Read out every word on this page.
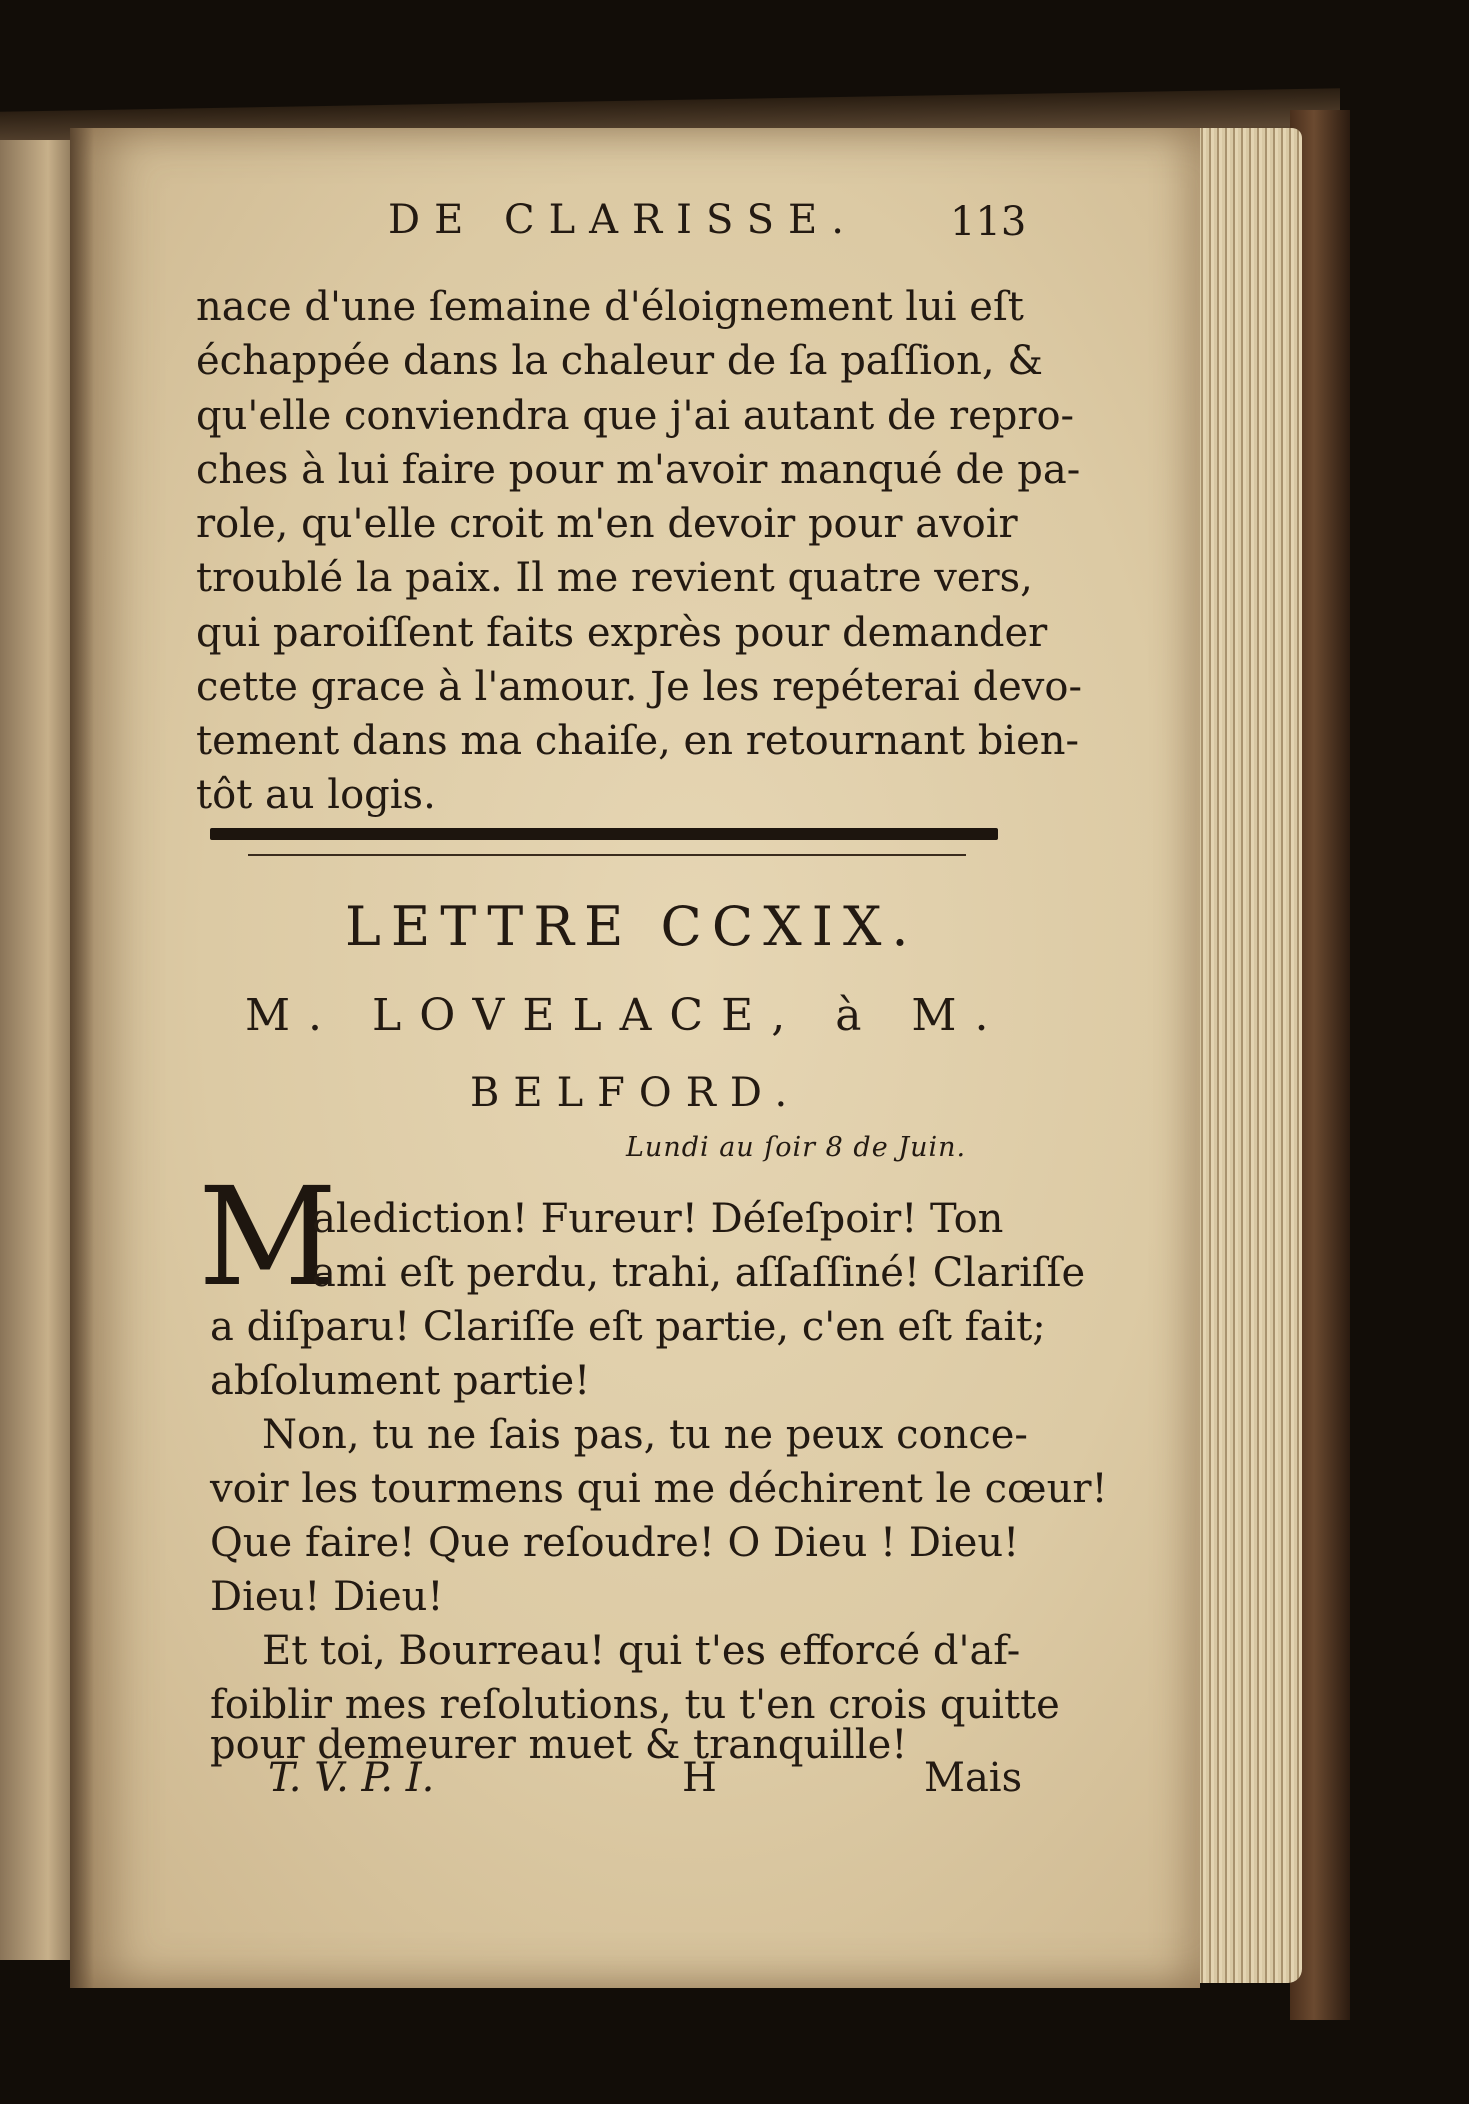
DE CLARISSE. 113
nace d'une ſemaine d'éloignement lui eſt
échappée dans la chaleur de ſa paſſion, &
qu'elle conviendra que j'ai autant de repro-
ches à lui faire pour m'avoir manqué de pa-
role, qu'elle croit m'en devoir pour avoir
troublé la paix. Il me revient quatre vers,
qui paroiſſent faits exprès pour demander
cette grace à l'amour. Je les repéterai devo-
tement dans ma chaiſe, en retournant bien-
tôt au logis.
LETTRE CCXIX.
M. LOVELACE, à M.
BELFORD.
Lundi au ſoir 8 de Juin.
M
alediction! Fureur! Déſeſpoir! Ton
ami eſt perdu, trahi, aſſaſſiné! Clariſſe
a diſparu! Clariſſe eſt partie, c'en eſt fait;
abſolument partie!
Non, tu ne ſais pas, tu ne peux conce-
voir les tourmens qui me déchirent le cœur!
Que faire! Que reſoudre! O Dieu ! Dieu!
Dieu! Dieu!
Et toi, Bourreau! qui t'es efforcé d'af-
foiblir mes reſolutions, tu t'en crois quitte
pour demeurer muet & tranquille!
T. V. P. I.	H	Mais
